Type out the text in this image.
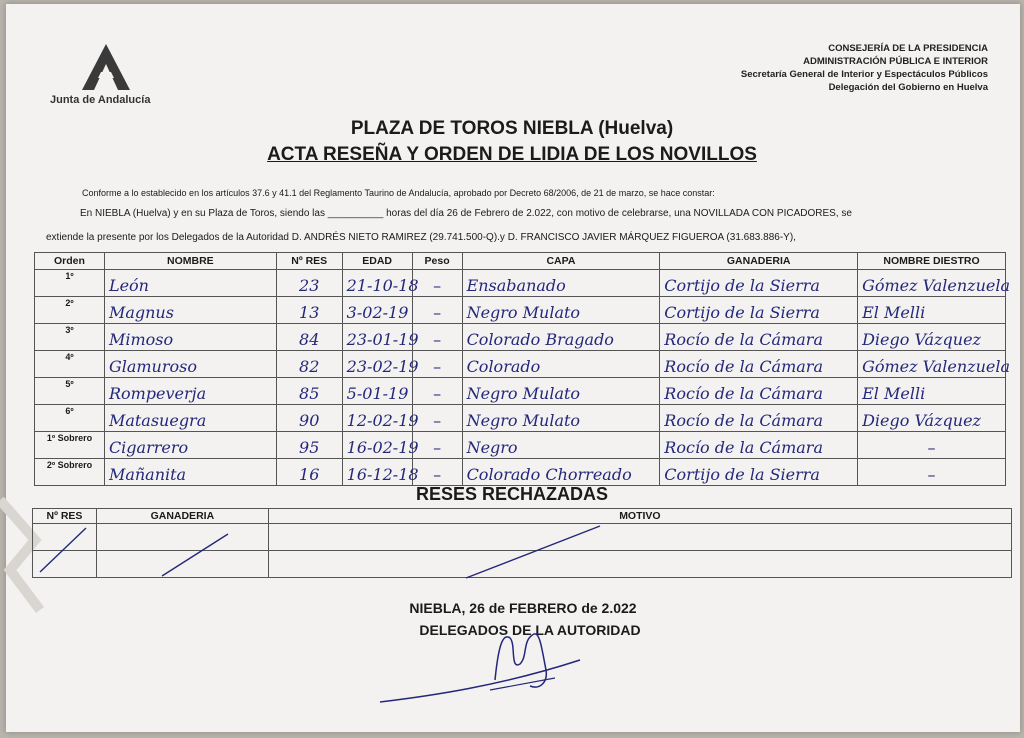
Junta de Andalucía
CONSEJERÍA DE LA PRESIDENCIA
ADMINISTRACIÓN PÚBLICA E INTERIOR
Secretaría General de Interior y Espectáculos Públicos
Delegación del Gobierno en Huelva
PLAZA DE TOROS NIEBLA (Huelva)
ACTA RESEÑA Y ORDEN DE LIDIA DE LOS NOVILLOS
Conforme a lo establecido en los artículos 37.6 y 41.1 del Reglamento Taurino de Andalucía, aprobado por Decreto 68/2006, de 21 de marzo, se hace constar:
En NIEBLA (Huelva) y en su Plaza de Toros, siendo las __________ horas del día 26 de Febrero de 2.022, con motivo de celebrarse, una NOVILLADA CON PICADORES, se
extiende la presente por los Delegados de la Autoridad D. ANDRÉS NIETO RAMIREZ (29.741.500-Q).y D. FRANCISCO JAVIER MÁRQUEZ FIGUEROA (31.683.886-Y),
Orden	NOMBRE	Nº RES	EDAD	Peso	CAPA	GANADERIA	NOMBRE DIESTRO
1º	León	23	21-10-18	–	Ensabanado	Cortijo de la Sierra	Gómez Valenzuela

2º	Magnus	13	3-02-19	–	Negro Mulato	Cortijo de la Sierra	El Melli

3º	Mimoso	84	23-01-19	–	Colorado Bragado	Rocío de la Cámara	Diego Vázquez

4º	Glamuroso	82	23-02-19	–	Colorado	Rocío de la Cámara	Gómez Valenzuela

5º	Rompeverja	85	5-01-19	–	Negro Mulato	Rocío de la Cámara	El Melli

6º	Matasuegra	90	12-02-19	–	Negro Mulato	Rocío de la Cámara	Diego Vázquez

1º Sobrero	Cigarrero	95	16-02-19	–	Negro	Rocío de la Cámara	–

2º Sobrero	Mañanita	16	16-12-18	–	Colorado Chorreado	Cortijo de la Sierra	–
RESES RECHAZADAS
Nº RES	GANADERIA	MOTIVO

NIEBLA, 26 de FEBRERO de 2.022
DELEGADOS DE LA AUTORIDAD
